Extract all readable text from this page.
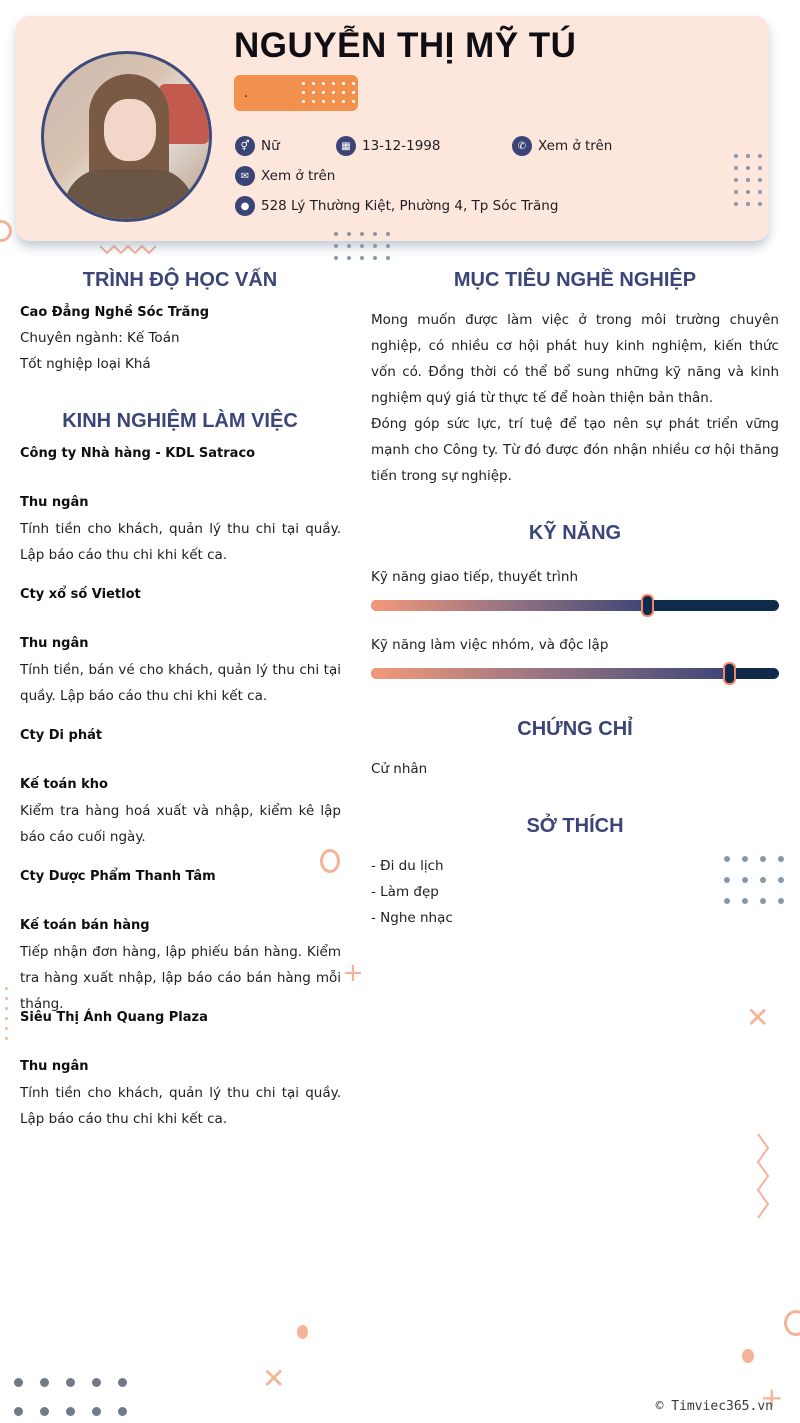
NGUYỄN THỊ MỸ TÚ
.
⚥ Nữ	▦ 13-12-1998	✆ Xem ở trên
✉ Xem ở trên
● 528 Lý Thường Kiệt, Phường 4, Tp Sóc Trăng
TRÌNH ĐỘ HỌC VẤN
Cao Đẳng Nghề Sóc Trăng
Chuyên ngành: Kế Toán
Tốt nghiệp loại Khá
KINH NGHIỆM LÀM VIỆC
Công ty Nhà hàng - KDL Satraco
Thu ngân
Tính tiền cho khách, quản lý thu chi tại quầy. Lập báo cáo thu chi khi kết ca.
Cty xổ số Vietlot
Thu ngân
Tính tiền, bán vé cho khách, quản lý thu chi tại quầy. Lập báo cáo thu chi khi kết ca.
Cty Di phát
Kế toán kho
Kiểm tra hàng hoá xuất và nhập, kiểm kê lập báo cáo cuối ngày.
Cty Dược Phẩm Thanh Tâm
Kế toán bán hàng
Tiếp nhận đơn hàng, lập phiếu bán hàng. Kiểm tra hàng xuất nhập, lập báo cáo bán hàng mỗi tháng.
Siêu Thị Ánh Quang Plaza
Thu ngân
Tính tiền cho khách, quản lý thu chi tại quầy. Lập báo cáo thu chi khi kết ca.
MỤC TIÊU NGHỀ NGHIỆP
Mong muốn được làm việc ở trong môi trường chuyên nghiệp, có nhiều cơ hội phát huy kinh nghiệm, kiến thức vốn có. Đồng thời có thể bổ sung những kỹ năng và kinh nghiệm quý giá từ thực tế để hoàn thiện bản thân.
Đóng góp sức lực, trí tuệ để tạo nên sự phát triển vững mạnh cho Công ty. Từ đó được đón nhận nhiều cơ hội thăng tiến trong sự nghiệp.
KỸ NĂNG
Kỹ năng giao tiếp, thuyết trình
Kỹ năng làm việc nhóm, và độc lập
CHỨNG CHỈ
Cử nhân
SỞ THÍCH
- Đi du lịch
- Làm đẹp
- Nghe nhạc
+
✕
✕
+
© Timviec365.vn
